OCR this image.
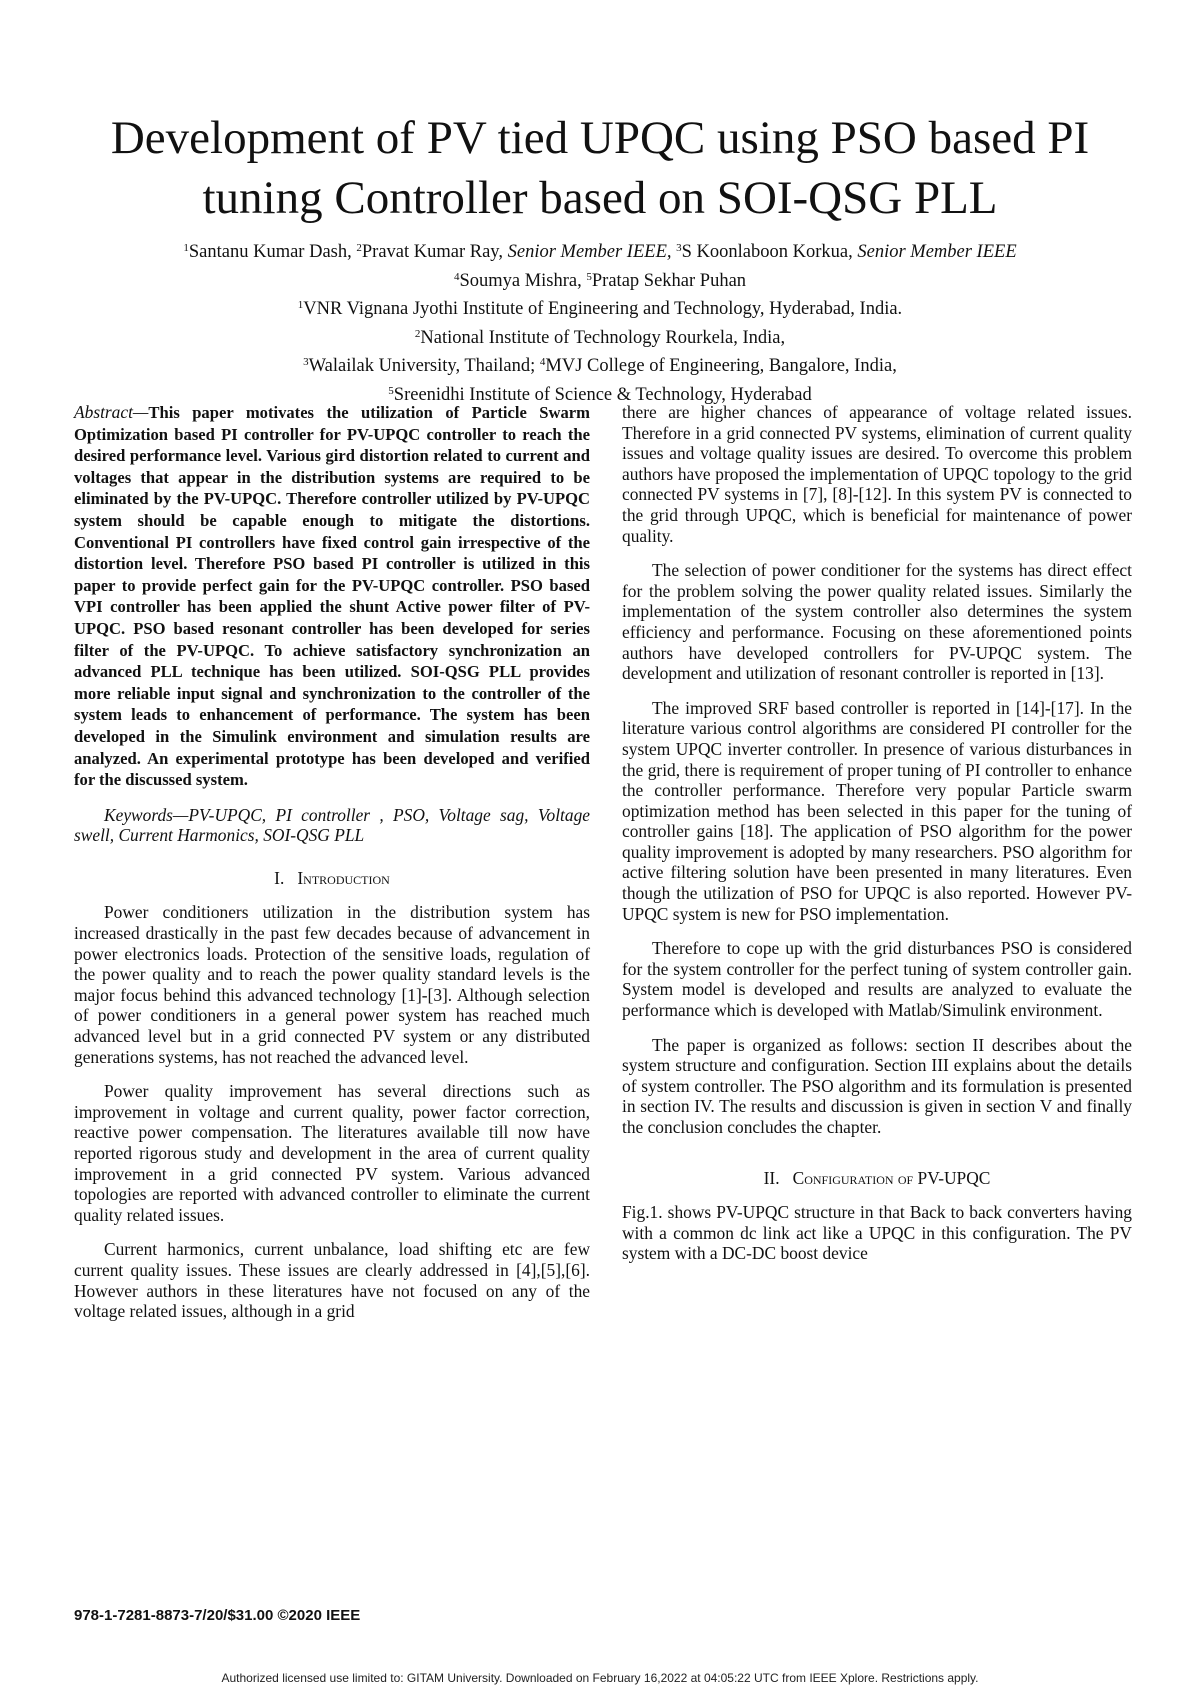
Development of PV tied UPQC using PSO based PI
tuning Controller based on SOI-QSG PLL
$^1$Santanu Kumar Dash, $^2$Pravat Kumar Ray, Senior Member IEEE, $^3$S Koonlaboon Korkua, Senior Member IEEE
$^4$Soumya Mishra, $^5$Pratap Sekhar Puhan
$^1$VNR Vignana Jyothi Institute of Engineering and Technology, Hyderabad, India.
$^2$National Institute of Technology Rourkela, India,
$^3$Walailak University, Thailand; $^4$MVJ College of Engineering, Bangalore, India,
$^5$Sreenidhi Institute of Science & Technology, Hyderabad

Abstract—This paper motivates the utilization of Particle Swarm Optimization based PI controller for PV-UPQC controller to reach the desired performance level. Various gird distortion related to current and voltages that appear in the distribution systems are required to be eliminated by the PV-UPQC. Therefore controller utilized by PV-UPQC system should be capable enough to mitigate the distortions. Conventional PI controllers have fixed control gain irrespective of the distortion level. Therefore PSO based PI controller is utilized in this paper to provide perfect gain for the PV-UPQC controller. PSO based VPI controller has been applied the shunt Active power filter of PV-UPQC. PSO based resonant controller has been developed for series filter of the PV-UPQC. To achieve satisfactory synchronization an advanced PLL technique has been utilized. SOI-QSG PLL provides more reliable input signal and synchronization to the controller of the system leads to enhancement of performance. The system has been developed in the Simulink environment and simulation results are analyzed. An experimental prototype has been developed and verified for the discussed system.

Keywords—PV-UPQC, PI controller , PSO, Voltage sag, Voltage swell, Current Harmonics, SOI-QSG PLL

I. Introduction

Power conditioners utilization in the distribution system has increased drastically in the past few decades because of advancement in power electronics loads. Protection of the sensitive loads, regulation of the power quality and to reach the power quality standard levels is the major focus behind this advanced technology [1]-[3]. Although selection of power conditioners in a general power system has reached much advanced level but in a grid connected PV system or any distributed generations systems, has not reached the advanced level.

Power quality improvement has several directions such as improvement in voltage and current quality, power factor correction, reactive power compensation. The literatures available till now have reported rigorous study and development in the area of current quality improvement in a grid connected PV system. Various advanced topologies are reported with advanced controller to eliminate the current quality related issues.

Current harmonics, current unbalance, load shifting etc are few current quality issues. These issues are clearly addressed in [4],[5],[6]. However authors in these literatures have not focused on any of the voltage related issues, although in a grid

there are higher chances of appearance of voltage related issues. Therefore in a grid connected PV systems, elimination of current quality issues and voltage quality issues are desired. To overcome this problem authors have proposed the implementation of UPQC topology to the grid connected PV systems in [7], [8]-[12]. In this system PV is connected to the grid through UPQC, which is beneficial for maintenance of power quality.

The selection of power conditioner for the systems has direct effect for the problem solving the power quality related issues. Similarly the implementation of the system controller also determines the system efficiency and performance. Focusing on these aforementioned points authors have developed controllers for PV-UPQC system. The development and utilization of resonant controller is reported in [13].

The improved SRF based controller is reported in [14]-[17]. In the literature various control algorithms are considered PI controller for the system UPQC inverter controller. In presence of various disturbances in the grid, there is requirement of proper tuning of PI controller to enhance the controller performance. Therefore very popular Particle swarm optimization method has been selected in this paper for the tuning of controller gains [18]. The application of PSO algorithm for the power quality improvement is adopted by many researchers. PSO algorithm for active filtering solution have been presented in many literatures. Even though the utilization of PSO for UPQC is also reported. However PV-UPQC system is new for PSO implementation.

Therefore to cope up with the grid disturbances PSO is considered for the system controller for the perfect tuning of system controller gain. System model is developed and results are analyzed to evaluate the performance which is developed with Matlab/Simulink environment.

The paper is organized as follows: section II describes about the system structure and configuration. Section III explains about the details of system controller. The PSO algorithm and its formulation is presented in section IV. The results and discussion is given in section V and finally the conclusion concludes the chapter.

II. Configuration of PV-UPQC

Fig.1. shows PV-UPQC structure in that Back to back converters having with a common dc link act like a UPQC in this configuration. The PV system with a DC-DC boost device

978-1-7281-8873-7/20/$31.00 ©2020 IEEE
Authorized licensed use limited to: GITAM University. Downloaded on February 16,2022 at 04:05:22 UTC from IEEE Xplore. Restrictions apply.
